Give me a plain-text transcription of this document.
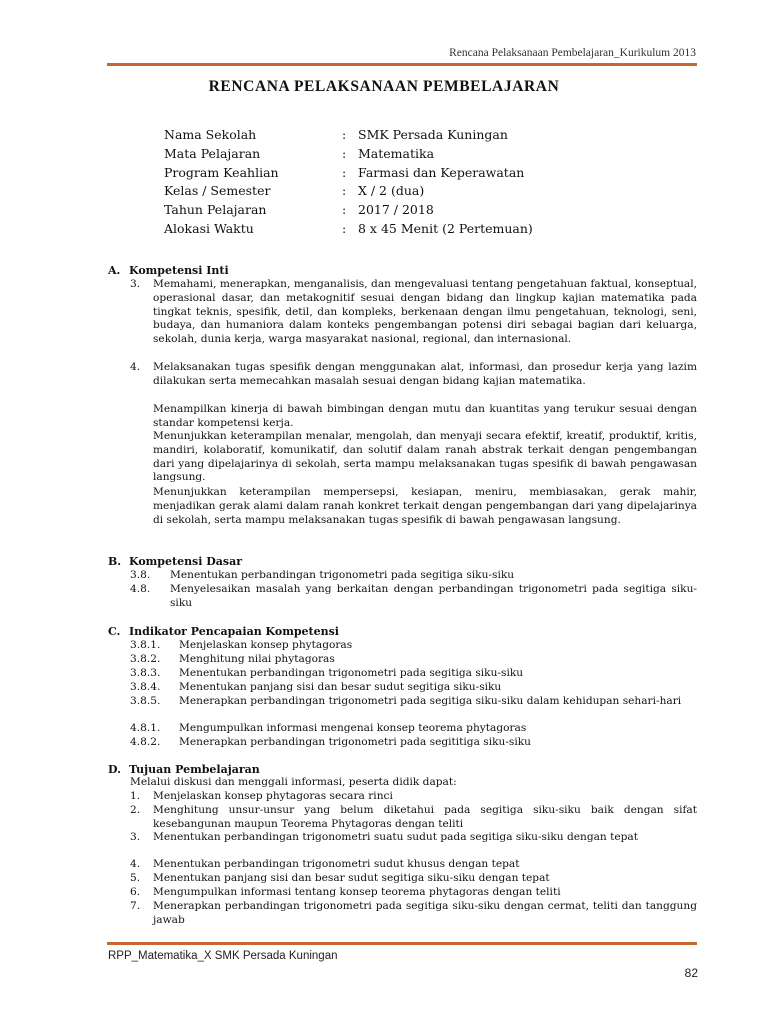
Rencana Pelaksanaan Pembelajaran_Kurikulum 2013
RENCANA PELAKSANAAN PEMBELAJARAN
Nama Sekolah	: SMK Persada Kuningan
Mata Pelajaran	: Matematika
Program Keahlian	: Farmasi dan Keperawatan
Kelas / Semester	: X / 2 (dua)
Tahun Pelajaran	: 2017 / 2018
Alokasi Waktu	: 8 x 45 Menit (2 Pertemuan)
A. Kompetensi Inti
3. Memahami, menerapkan, menganalisis, dan mengevaluasi tentang pengetahuan faktual, konseptual, operasional dasar, dan metakognitif sesuai dengan bidang dan lingkup kajian matematika pada tingkat teknis, spesifik, detil, dan kompleks, berkenaan dengan ilmu pengetahuan, teknologi, seni, budaya, dan humaniora dalam konteks pengembangan potensi diri sebagai bagian dari keluarga, sekolah, dunia kerja, warga masyarakat nasional, regional, dan internasional.
4. Melaksanakan tugas spesifik dengan menggunakan alat, informasi, dan prosedur kerja yang lazim dilakukan serta memecahkan masalah sesuai dengan bidang kajian matematika.
Menampilkan kinerja di bawah bimbingan dengan mutu dan kuantitas yang terukur sesuai dengan standar kompetensi kerja.
Menunjukkan keterampilan menalar, mengolah, dan menyaji secara efektif, kreatif, produktif, kritis, mandiri, kolaboratif, komunikatif, dan solutif dalam ranah abstrak terkait dengan pengembangan dari yang dipelajarinya di sekolah, serta mampu melaksanakan tugas spesifik di bawah pengawasan langsung.
Menunjukkan keterampilan mempersepsi, kesiapan, meniru, membiasakan, gerak mahir, menjadikan gerak alami dalam ranah konkret terkait dengan pengembangan dari yang dipelajarinya di sekolah, serta mampu melaksanakan tugas spesifik di bawah pengawasan langsung.
B. Kompetensi Dasar
3.8. Menentukan perbandingan trigonometri pada segitiga siku-siku
4.8. Menyelesaikan masalah yang berkaitan dengan perbandingan trigonometri pada segitiga siku-siku
C. Indikator Pencapaian Kompetensi
3.8.1. Menjelaskan konsep phytagoras
3.8.2. Menghitung nilai phytagoras
3.8.3. Menentukan perbandingan trigonometri pada segitiga siku-siku
3.8.4. Menentukan panjang sisi dan besar sudut segitiga siku-siku
3.8.5. Menerapkan perbandingan trigonometri pada segitiga siku-siku dalam kehidupan sehari-hari
4.8.1. Mengumpulkan informasi mengenai konsep teorema phytagoras
4.8.2. Menerapkan perbandingan trigonometri pada segititiga siku-siku
D. Tujuan Pembelajaran
Melalui diskusi dan menggali informasi, peserta didik dapat:
1. Menjelaskan konsep phytagoras secara rinci
2. Menghitung unsur-unsur yang belum diketahui pada segitiga siku-siku baik dengan sifat kesebangunan maupun Teorema Phytagoras dengan teliti
3. Menentukan perbandingan trigonometri suatu sudut pada segitiga siku-siku dengan tepat
4. Menentukan perbandingan trigonometri sudut khusus dengan tepat
5. Menentukan panjang sisi dan besar sudut segitiga siku-siku dengan tepat
6. Mengumpulkan informasi tentang konsep teorema phytagoras dengan teliti
7. Menerapkan perbandingan trigonometri pada segitiga siku-siku dengan cermat, teliti dan tanggung jawab
RPP_Matematika_X SMK Persada Kuningan
82
